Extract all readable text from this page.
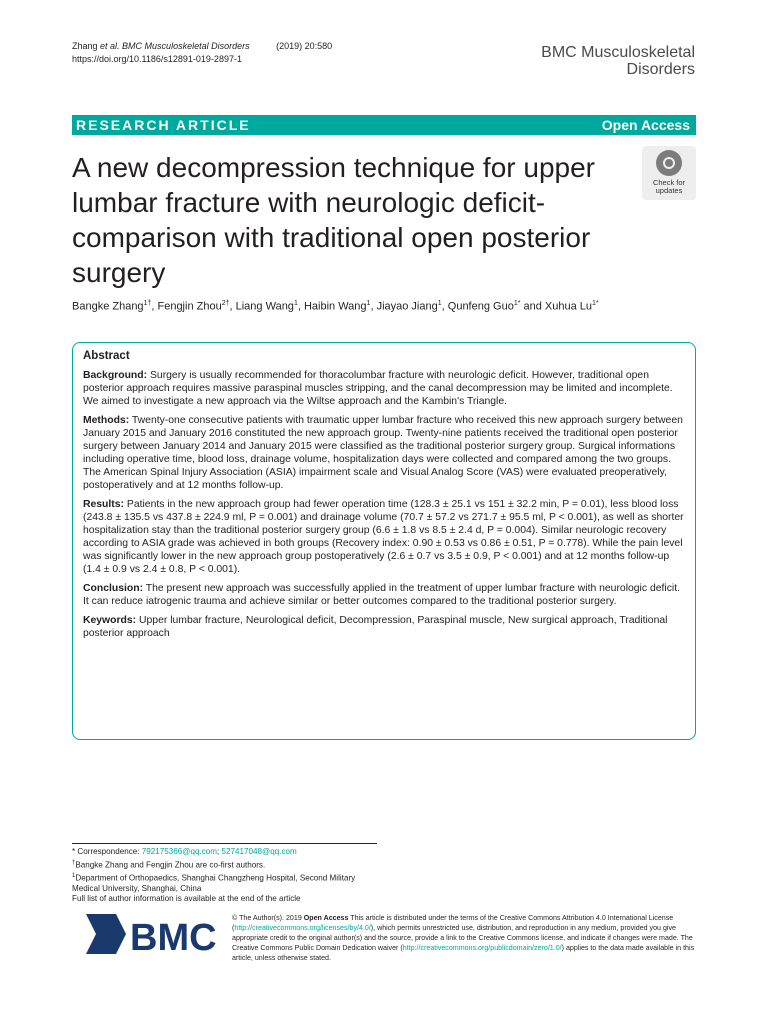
Zhang et al. BMC Musculoskeletal Disorders	(2019) 20:580
https://doi.org/10.1186/s12891-019-2897-1	BMC Musculoskeletal
Disorders
RESEARCH ARTICLE	Open Access
A new decompression technique for upper lumbar fracture with neurologic deficit-comparison with traditional open posterior surgery
Check for
updates
Bangke Zhang$^{1\dagger}$, Fengjin Zhou$^{2\dagger}$, Liang Wang$^1$, Haibin Wang$^1$, Jiayao Jiang$^1$, Qunfeng Guo$^{1*}$ and Xuhua $Lu^{1*}$
Abstract

Background: Surgery is usually recommended for thoracolumbar fracture with neurologic deficit. However, traditional open posterior approach requires massive paraspinal muscles stripping, and the canal decompression may be limited and incomplete. We aimed to investigate a new approach via the Wiltse approach and the Kambin's Triangle.

Methods: Twenty-one consecutive patients with traumatic upper lumbar fracture who received this new approach surgery between January 2015 and January 2016 constituted the new approach group. Twenty-nine patients received the traditional open posterior surgery between January 2014 and January 2015 were classified as the traditional posterior surgery group. Surgical informations including operative time, blood loss, drainage volume, hospitalization days were collected and compared among the two groups. The American Spinal Injury Association (ASIA) impairment scale and Visual Analog Score (VAS) were evaluated preoperatively, postoperatively and at 12 months follow-up.

Results: Patients in the new approach group had fewer operation time (128.3 ± 25.1 vs 151 ± 32.2 min, P = 0.01), less blood loss (243.8 ± 135.5 vs 437.8 ± 224.9 ml, P = 0.001) and drainage volume (70.7 ± 57.2 vs 271.7 ± 95.5 ml, P < 0.001), as well as shorter hospitalization stay than the traditional posterior surgery group (6.6 ± 1.8 vs 8.5 ± 2.4 d, P = 0.004). Similar neurologic recovery according to ASIA grade was achieved in both groups (Recovery index: 0.90 ± 0.53 vs 0.86 ± 0.51, P = 0.778). While the pain level was significantly lower in the new approach group postoperatively (2.6 ± 0.7 vs 3.5 ± 0.9, P < 0.001) and at 12 months follow-up (1.4 ± 0.9 vs 2.4 ± 0.8, P < 0.001).

Conclusion: The present new approach was successfully applied in the treatment of upper lumbar fracture with neurologic deficit. It can reduce iatrogenic trauma and achieve similar or better outcomes compared to the traditional posterior surgery.

Keywords: Upper lumbar fracture, Neurological deficit, Decompression, Paraspinal muscle, New surgical approach, Traditional posterior approach

* Correspondence: 792175366@qq.com; 527417048@qq.com
†Bangke Zhang and Fengjin Zhou are co-first authors.
$^1$Department of Orthopaedics, Shanghai Changzheng Hospital, Second Military Medical University, Shanghai, China
Full list of author information is available at the end of the article
BMC © The Author(s). 2019 Open Access This article is distributed under the terms of the Creative Commons Attribution 4.0 International License (http://creativecommons.org/licenses/by/4.0/), which permits unrestricted use, distribution, and reproduction in any medium, provided you give appropriate credit to the original author(s) and the source, provide a link to the Creative Commons license, and indicate if changes were made. The Creative Commons Public Domain Dedication waiver (http://creativecommons.org/publicdomain/zero/1.0/) applies to the data made available in this article, unless otherwise stated.
